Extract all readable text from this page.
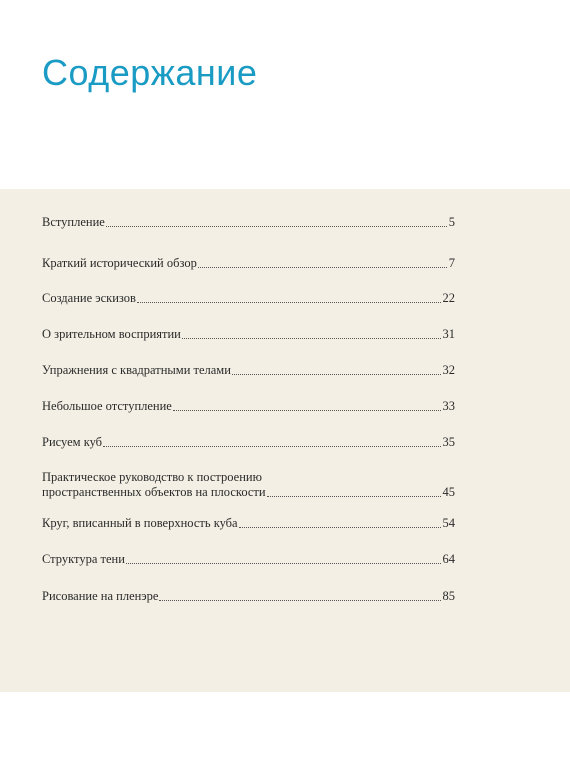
Содержание
Вступление	5
Краткий исторический обзор	7
Создание эскизов	22
О зрительном восприятии	31
Упражнения с квадратными телами	32
Небольшое отступление	33
Рисуем куб	35
Практическое руководство к построению
пространственных объектов на плоскости	45
Круг, вписанный в поверхность куба	54
Структура тени	64
Рисование на пленэре	85
